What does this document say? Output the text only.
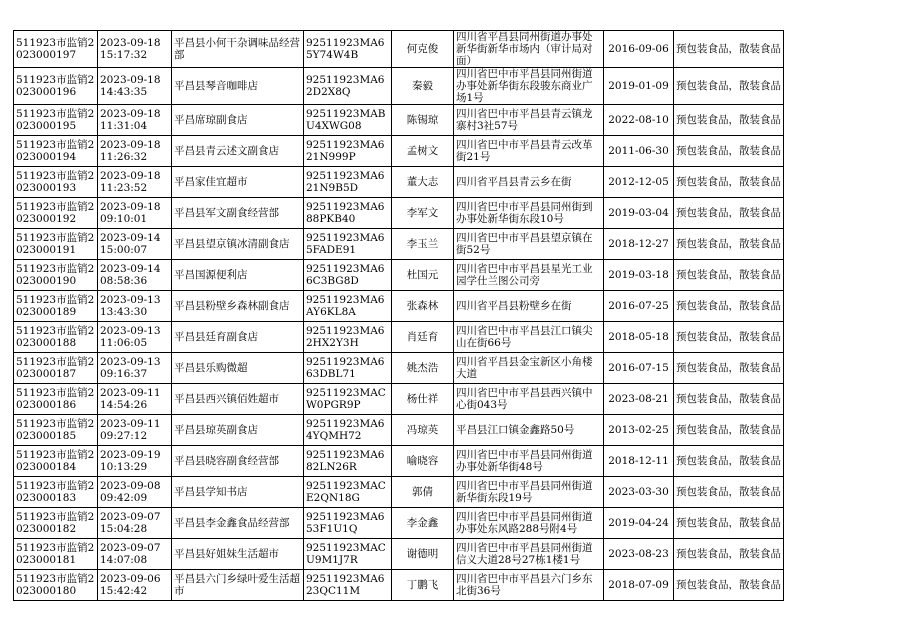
511923市监销2023000197	2023-09-18 15:17:32	平昌县小何干杂调味品经营部	92511923MA65Y74W4B	何克俊	四川省平昌县同州街道办事处新华街新华市场内（审计局对面）	2016-09-06	预包装食品，散装食品
511923市监销2023000196	2023-09-18 14:43:35	平昌县琴音咖啡店	92511923MA62D2X8Q	秦毅	四川省巴中市平昌县同州街道办事处新华街东段骏东商业广场1号	2019-01-09	预包装食品，散装食品
511923市监销2023000195	2023-09-18 11:31:04	平昌席琼副食店	92511923MABU4XWG08	陈锡琼	四川省巴中市平昌县青云镇龙寨村3社57号	2022-08-10	预包装食品，散装食品
511923市监销2023000194	2023-09-18 11:26:32	平昌县青云述文副食店	92511923MA621N999P	孟树文	四川省巴中市平昌县青云改革街21号	2011-06-30	预包装食品，散装食品
511923市监销2023000193	2023-09-18 11:23:52	平昌家佳宜超市	92511923MA621N9B5D	董大志	四川省平昌县青云乡在街	2012-12-05	预包装食品，散装食品
511923市监销2023000192	2023-09-18 09:10:01	平昌县军文副食经营部	92511923MA688PKB40	李军文	四川省巴中市平昌县同州街到办事处新华街东段10号	2019-03-04	预包装食品，散装食品
511923市监销2023000191	2023-09-14 15:00:07	平昌县望京镇冰清副食店	92511923MA65FADE91	李玉兰	四川省巴中市平昌县望京镇在街52号	2018-12-27	预包装食品，散装食品
511923市监销2023000190	2023-09-14 08:58:36	平昌国源便利店	92511923MA66C3BG8D	杜国元	四川省巴中市平昌县星光工业园学仕兰图公司旁	2019-03-18	预包装食品，散装食品
511923市监销2023000189	2023-09-13 13:43:30	平昌县粉壁乡森林副食店	92511923MA6AY6KL8A	张森林	四川省平昌县粉壁乡在街	2016-07-25	预包装食品，散装食品
511923市监销2023000188	2023-09-13 11:06:05	平昌县廷育副食店	92511923MA62HX2Y3H	肖廷育	四川省巴中市平昌县江口镇尖山在街66号	2018-05-18	预包装食品，散装食品
511923市监销2023000187	2023-09-13 09:16:37	平昌县乐购微超	92511923MA663DBL71	姚杰浩	四川省平昌县金宝新区小角楼大道	2016-07-15	预包装食品，散装食品
511923市监销2023000186	2023-09-11 14:54:26	平昌县西兴镇佰姓超市	92511923MACW0PGR9P	杨仕祥	四川省巴中市平昌县西兴镇中心街043号	2023-08-21	预包装食品，散装食品
511923市监销2023000185	2023-09-11 09:27:12	平昌县琼英副食店	92511923MA64YQMH72	冯琼英	平昌县江口镇金鑫路50号	2013-02-25	预包装食品，散装食品
511923市监销2023000184	2023-09-19 10:13:29	平昌县晓容副食经营部	92511923MA682LN26R	喻晓容	四川省巴中市平昌县同州街道办事处新华街48号	2018-12-11	预包装食品，散装食品
511923市监销2023000183	2023-09-08 09:42:09	平昌县学知书店	92511923MACE2QN18G	郭倩	四川省巴中市平昌县同州街道新华街东段19号	2023-03-30	预包装食品，散装食品
511923市监销2023000182	2023-09-07 15:04:28	平昌县李金鑫食品经营部	92511923MA653F1U1Q	李金鑫	四川省巴中市平昌县同州街道办事处东风路288号附4号	2019-04-24	预包装食品，散装食品
511923市监销2023000181	2023-09-07 14:07:08	平昌县好姐妹生活超市	92511923MACU9M1J7R	谢德明	四川省巴中市平昌县同州街道信义大道28号27栋1楼1号	2023-08-23	预包装食品，散装食品
511923市监销2023000180	2023-09-06 15:42:42	平昌县六门乡绿叶爱生活超市	92511923MA623QC11M	丁鹏飞	四川省巴中市平昌县六门乡东北街36号	2018-07-09	预包装食品，散装食品
